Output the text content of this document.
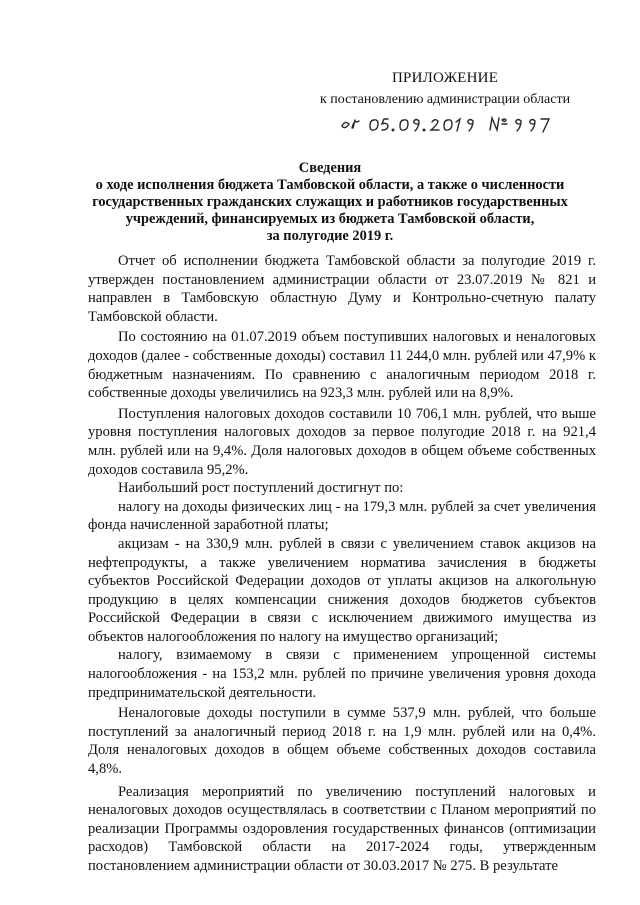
ПРИЛОЖЕНИЕ
к постановлению администрации области
Сведения
о ходе исполнения бюджета Тамбовской области, а также о численности
государственных гражданских служащих и работников государственных
учреждений, финансируемых из бюджета Тамбовской области,
за полугодие 2019 г.

Отчет об исполнении бюджета Тамбовской области за полугодие 2019 г. утвержден постановлением администрации области от 23.07.2019 № 821 и направлен в Тамбовскую областную Думу и Контрольно-счетную палату Тамбовской области.

По состоянию на 01.07.2019 объем поступивших налоговых и неналоговых доходов (далее - собственные доходы) составил 11 244,0 млн. рублей или 47,9% к бюджетным назначениям. По сравнению с аналогичным периодом 2018 г. собственные доходы увеличились на 923,3 млн. рублей или на 8,9%.

Поступления налоговых доходов составили 10 706,1 млн. рублей, что выше уровня поступления налоговых доходов за первое полугодие 2018 г. на 921,4 млн. рублей или на 9,4%. Доля налоговых доходов в общем объеме собственных доходов составила 95,2%.

Наибольший рост поступлений достигнут по:

налогу на доходы физических лиц - на 179,3 млн. рублей за счет увеличения фонда начисленной заработной платы;

акцизам - на 330,9 млн. рублей в связи с увеличением ставок акцизов на нефтепродукты, а также увеличением норматива зачисления в бюджеты субъектов Российской Федерации доходов от уплаты акцизов на алкогольную продукцию в целях компенсации снижения доходов бюджетов субъектов Российской Федерации в связи с исключением движимого имущества из объектов налогообложения по налогу на имущество организаций;

налогу, взимаемому в связи с применением упрощенной системы налогообложения - на 153,2 млн. рублей по причине увеличения уровня дохода предпринимательской деятельности.

Неналоговые доходы поступили в сумме 537,9 млн. рублей, что больше поступлений за аналогичный период 2018 г. на 1,9 млн. рублей или на 0,4%. Доля неналоговых доходов в общем объеме собственных доходов составила 4,8%.

Реализация мероприятий по увеличению поступлений налоговых и неналоговых доходов осуществлялась в соответствии с Планом мероприятий по реализации Программы оздоровления государственных финансов (оптимизации расходов) Тамбовской области на 2017-2024 годы, утвержденным постановлением администрации области от 30.03.2017 № 275. В результате
